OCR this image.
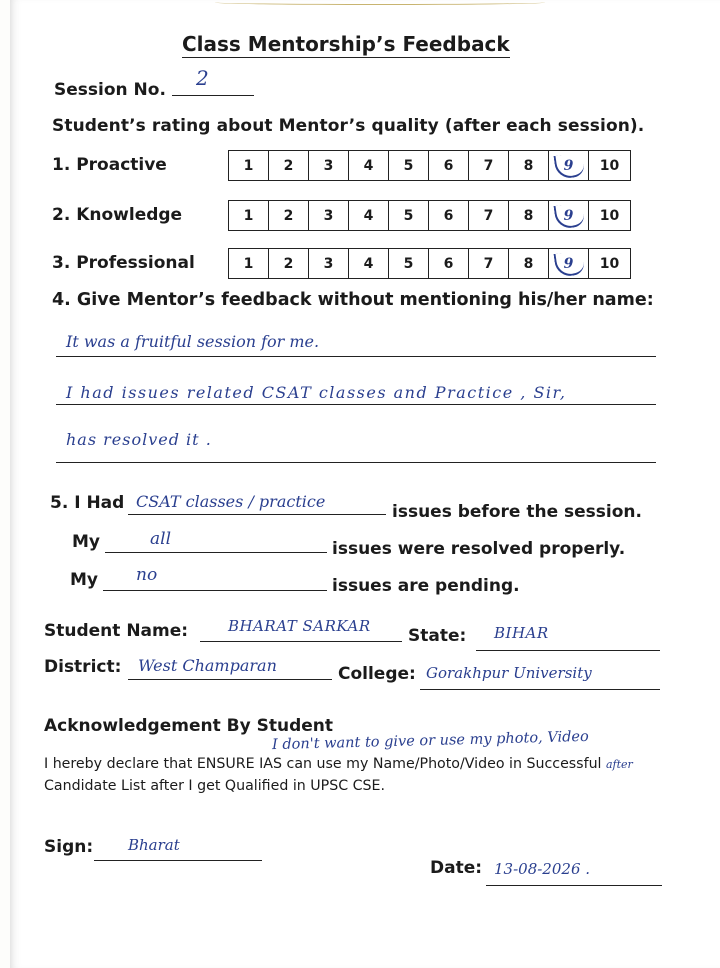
Class Mentorship’s Feedback
Session No. 2
Student’s rating about Mentor’s quality (after each session).
1. Proactive	1	2	3	4	5	6	7	8	9	10
2. Knowledge	1	2	3	4	5	6	7	8	9	10
3. Professional	1	2	3	4	5	6	7	8	9	10
4. Give Mentor’s feedback without mentioning his/her name:
It was a fruitful session for me.
I had issues related CSAT classes and Practice , Sir,
has resolved it .
5. I Had CSAT classes / practice
issues before the session.
My	all	issues were resolved properly.
My no
issues are pending.
Student Name:	BHARAT SARKAR State: BIHAR
District: West Champaran	College: Gorakhpur University
Acknowledgement By Student
I don't want to give or use my photo, Video
after
I hereby declare that ENSURE IAS can use my Name/Photo/Video in Successful
Candidate List after I get Qualified in UPSC CSE.
Sign: Bharat
Date: 13-08-2026 .
